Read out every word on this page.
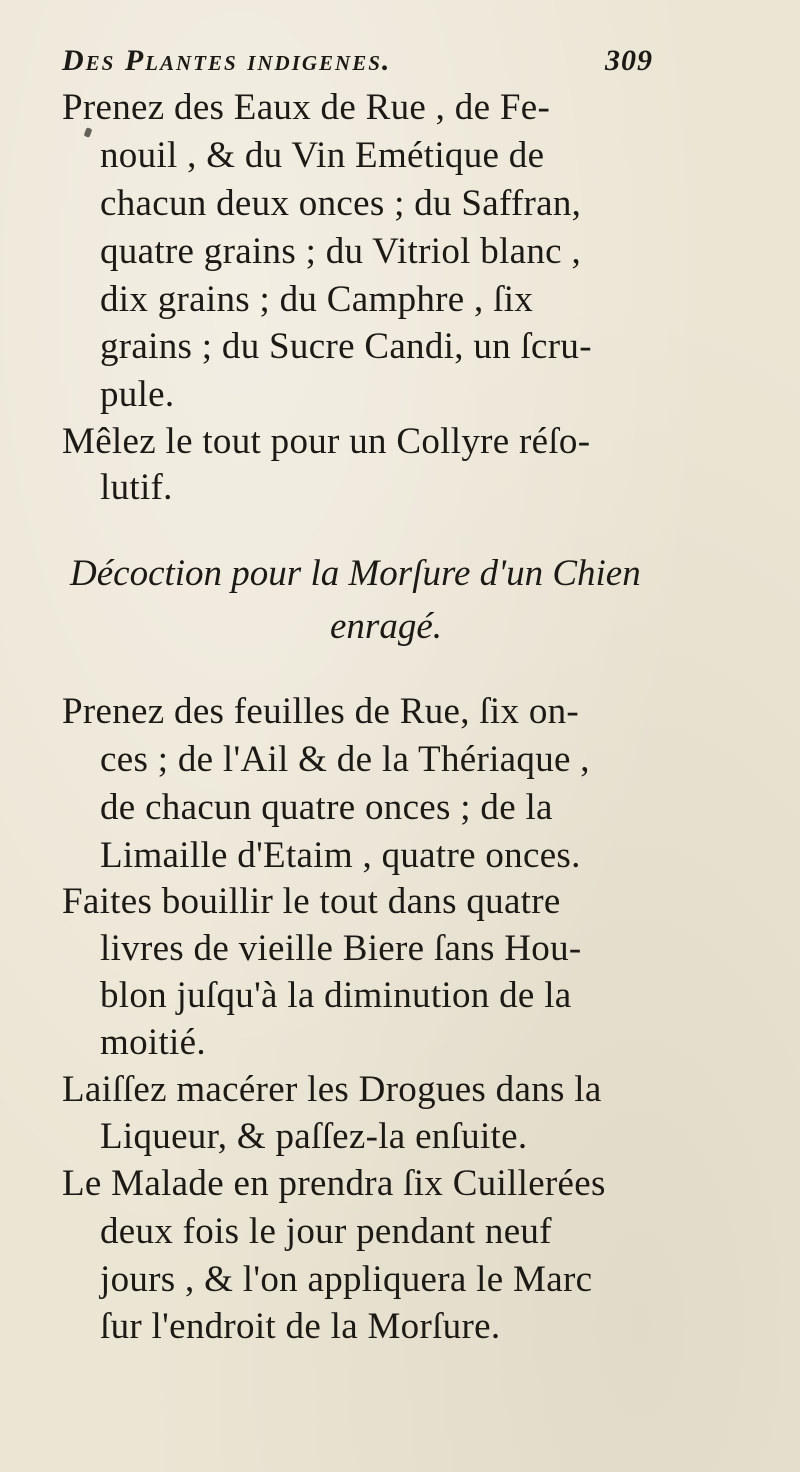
Des Plantes indigenes.	309
Prenez des Eaux de Rue , de Fe-
nouil , & du Vin Emétique de
chacun deux onces ; du Saffran,
quatre grains ; du Vitriol blanc ,
dix grains ; du Camphre , ſix
grains ; du Sucre Candi, un ſcru-
pule.
Mêlez le tout pour un Collyre réſo-
lutif.
Décoction pour la Morſure d'un Chien
enragé.
Prenez des feuilles de Rue, ſix on-
ces ; de l'Ail & de la Thériaque ,
de chacun quatre onces ; de la
Limaille d'Etaim , quatre onces.
Faites bouillir le tout dans quatre
livres de vieille Biere ſans Hou-
blon juſqu'à la diminution de la
moitié.
Laiſſez macérer les Drogues dans la
Liqueur, & paſſez-la enſuite.
Le Malade en prendra ſix Cuillerées
deux fois le jour pendant neuf
jours , & l'on appliquera le Marc
ſur l'endroit de la Morſure.
